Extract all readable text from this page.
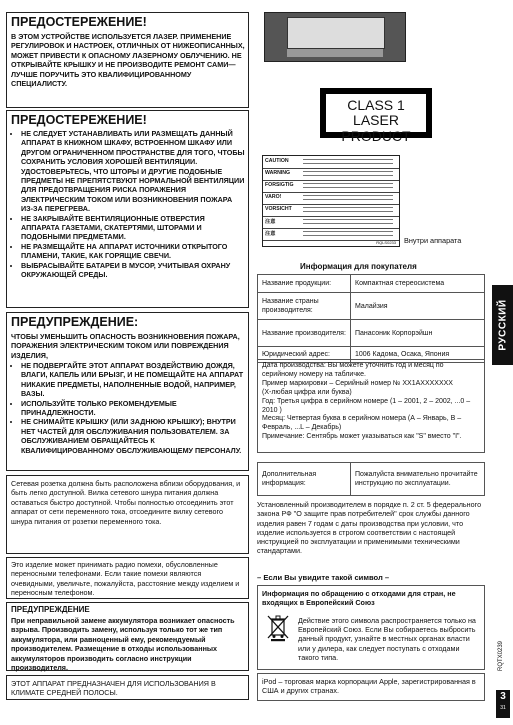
ПРЕДОСТЕРЕЖЕНИЕ!
В ЭТОМ УСТРОЙСТВЕ ИСПОЛЬЗУЕТСЯ ЛАЗЕР. ПРИМЕНЕНИЕ РЕГУЛИРОВОК И НАСТРОЕК, ОТЛИЧНЫХ ОТ НИЖЕОПИСАННЫХ, МОЖЕТ ПРИВЕСТИ К ОПАСНОМУ ЛАЗЕРНОМУ ОБЛУЧЕНИЮ. НЕ ОТКРЫВАЙТЕ КРЫШКУ И НЕ ПРОИЗВОДИТЕ РЕМОНТ САМИ—ЛУЧШЕ ПОРУЧИТЬ ЭТО КВАЛИФИЦИРОВАННОМУ СПЕЦИАЛИСТУ.
ПРЕДОСТЕРЕЖЕНИЕ!
• НЕ СЛЕДУЕТ УСТАНАВЛИВАТЬ ИЛИ РАЗМЕЩАТЬ ДАННЫЙ АППАРАТ В КНИЖНОМ ШКАФУ, ВСТРОЕННОМ ШКАФУ ИЛИ ДРУГОМ ОГРАНИЧЕННОМ ПРОСТРАНСТВЕ ДЛЯ ТОГО, ЧТОБЫ СОХРАНИТЬ УСЛОВИЯ ХОРОШЕЙ ВЕНТИЛЯЦИИ. УДОСТОВЕРЬТЕСЬ, ЧТО ШТОРЫ И ДРУГИЕ ПОДОБНЫЕ ПРЕДМЕТЫ НЕ ПРЕПЯТСТВУЮТ НОРМАЛЬНОЙ ВЕНТИЛЯЦИИ ДЛЯ ПРЕДОТВРАЩЕНИЯ РИСКА ПОРАЖЕНИЯ ЭЛЕКТРИЧЕСКИМ ТОКОМ ИЛИ ВОЗНИКНОВЕНИЯ ПОЖАРА ИЗ-ЗА ПЕРЕГРЕВА.
• НЕ ЗАКРЫВАЙТЕ ВЕНТИЛЯЦИОННЫЕ ОТВЕРСТИЯ АППАРАТА ГАЗЕТАМИ, СКАТЕРТЯМИ, ШТОРАМИ И ПОДОБНЫМИ ПРЕДМЕТАМИ.
• НЕ РАЗМЕЩАЙТЕ НА АППАРАТ ИСТОЧНИКИ ОТКРЫТОГО ПЛАМЕНИ, ТАКИЕ, КАК ГОРЯЩИЕ СВЕЧИ.
• ВЫБРАСЫВАЙТЕ БАТАРЕИ В МУСОР, УЧИТЫВАЯ ОХРАНУ ОКРУЖАЮЩЕЙ СРЕДЫ.
ПРЕДУПРЕЖДЕНИЕ:
ЧТОБЫ УМЕНЬШИТЬ ОПАСНОСТЬ ВОЗНИКНОВЕНИЯ ПОЖАРА, ПОРАЖЕНИЯ ЭЛЕКТРИЧЕСКИМ ТОКОМ ИЛИ ПОВРЕЖДЕНИЯ ИЗДЕЛИЯ,
• НЕ ПОДВЕРГАЙТЕ ЭТОТ АППАРАТ ВОЗДЕЙСТВИЮ ДОЖДЯ, ВЛАГИ, КАПЕЛЬ ИЛИ БРЫЗГ, И НЕ ПОМЕЩАЙТЕ НА АППАРАТ НИКАКИЕ ПРЕДМЕТЫ, НАПОЛНЕННЫЕ ВОДОЙ, НАПРИМЕР, ВАЗЫ.
• ИСПОЛЬЗУЙТЕ ТОЛЬКО РЕКОМЕНДУЕМЫЕ ПРИНАДЛЕЖНОСТИ.
• НЕ СНИМАЙТЕ КРЫШКУ (ИЛИ ЗАДНЮЮ КРЫШКУ); ВНУТРИ НЕТ ЧАСТЕЙ ДЛЯ ОБСЛУЖИВАНИЯ ПОЛЬЗОВАТЕЛЕМ. ЗА ОБСЛУЖИВАНИЕМ ОБРАЩАЙТЕСЬ К КВАЛИФИЦИРОВАННОМУ ОБСЛУЖИВАЮЩЕМУ ПЕРСОНАЛУ.
Сетевая розетка должна быть расположена вблизи оборудования, и быть легко доступной. Вилка сетевого шнура питания должна оставаться быстро доступной. Чтобы полностью отсоединить этот аппарат от сети переменного тока, отсоедините вилку сетевого шнура питания от розетки переменного тока.
Это изделие может принимать радио помехи, обусловленные переносными телефонами. Если такие помехи являются очевидными, увеличьте, пожалуйста, расстояние между изделием и переносным телефоном.
ПРЕДУПРЕЖДЕНИЕ
При неправильной замене аккумулятора возникает опасность взрыва. Производить замену, используя только тот же тип аккумулятора, или равноценный ему, рекомендуемый производителем. Размещение в отходы использованных аккумуляторов производить согласно инструкции производителя.
ЭТОТ АППАРАТ ПРЕДНАЗНАЧЕН ДЛЯ ИСПОЛЬЗОВАНИЯ В КЛИМАТЕ СРЕДНЕЙ ПОЛОСЫ.
CLASS 1
LASER PRODUCT
CAUTION
WARNING
FORSIGTIG
VARO!
VORSICHT
注意
注意
RQLS0233 Внутри аппарата
Информация для покупателя
Название продукции:	Компактная стереосистема
Название страны производителя:	Малайзия
Название производителя:	Панасоник Корпорэйшн
Юридический адрес:	1006 Кадома, Осака, Япония
Дата производства: Вы можете уточнить год и месяц по серийному номеру на табличке.
Пример маркировки – Серийный номер № XX1AXXXXXXX
(Х-любая цифра или буква)
Год: Третья цифра в серийном номере (1 – 2001, 2 – 2002, ...0 – 2010 )
Месяц: Четвертая буква в серийном номера (А – Январь, В – Февраль, ...L – Декабрь)
Примечание: Сентябрь может указываться как "S" вместо "I".
Дополнительная информация:	Пожалуйста внимательно прочитайте инструкцию по эксплуатации.
Установленный производителем в порядке п. 2 ст. 5 федерального закона РФ "О защите прав потребителей" срок службы данного изделия равен 7 годам с даты производства при условии, что изделие используется в строгом соответствии с настоящей инструкцией по эксплуатации и применимыми техническими стандартами.
– Если Вы увидите такой символ –
Информация по обращению с отходами для стран, не входящих в Европейский Союз
Действие этого символа распространяется только на Европейский Союз. Если Вы собираетесь выбросить данный продукт, узнайте в местных органах власти или у дилера, как следует поступать с отходами такого типа.
iPod – торговая марка корпорации Apple, зарегистрированная в США и других странах.
РУССКИЙ
RQTX0239
3
31
